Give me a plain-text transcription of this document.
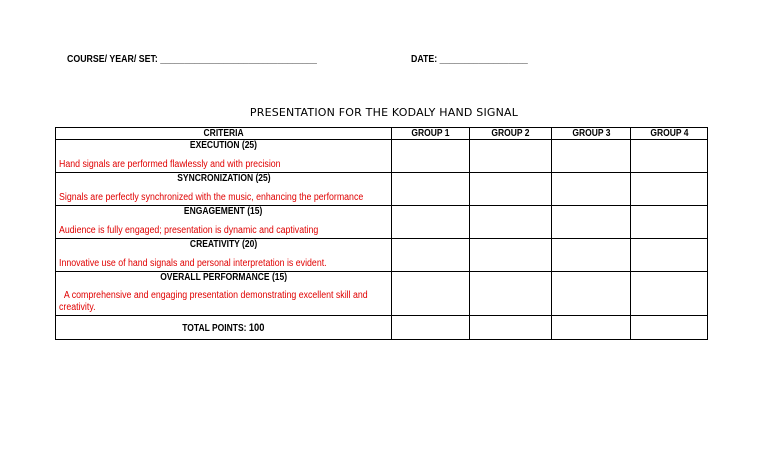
COURSE/ YEAR/ SET: ________________________________	DATE: __________________
PRESENTATION FOR THE KODALY HAND SIGNAL
CRITERIA	GROUP 1	GROUP 2	GROUP 3	GROUP 4

EXECUTION (25)
Hand signals are performed flawlessly and with precision				

SYNCRONIZATION (25)
Signals are perfectly synchronized with the music, enhancing the performance				

ENGAGEMENT (15)
Audience is fully engaged; presentation is dynamic and captivating				

CREATIVITY (20)
Innovative use of hand signals and personal interpretation is evident.				

OVERALL PERFORMANCE (15)
A comprehensive and engaging presentation demonstrating excellent skill and creativity.				

TOTAL POINTS: 100				
